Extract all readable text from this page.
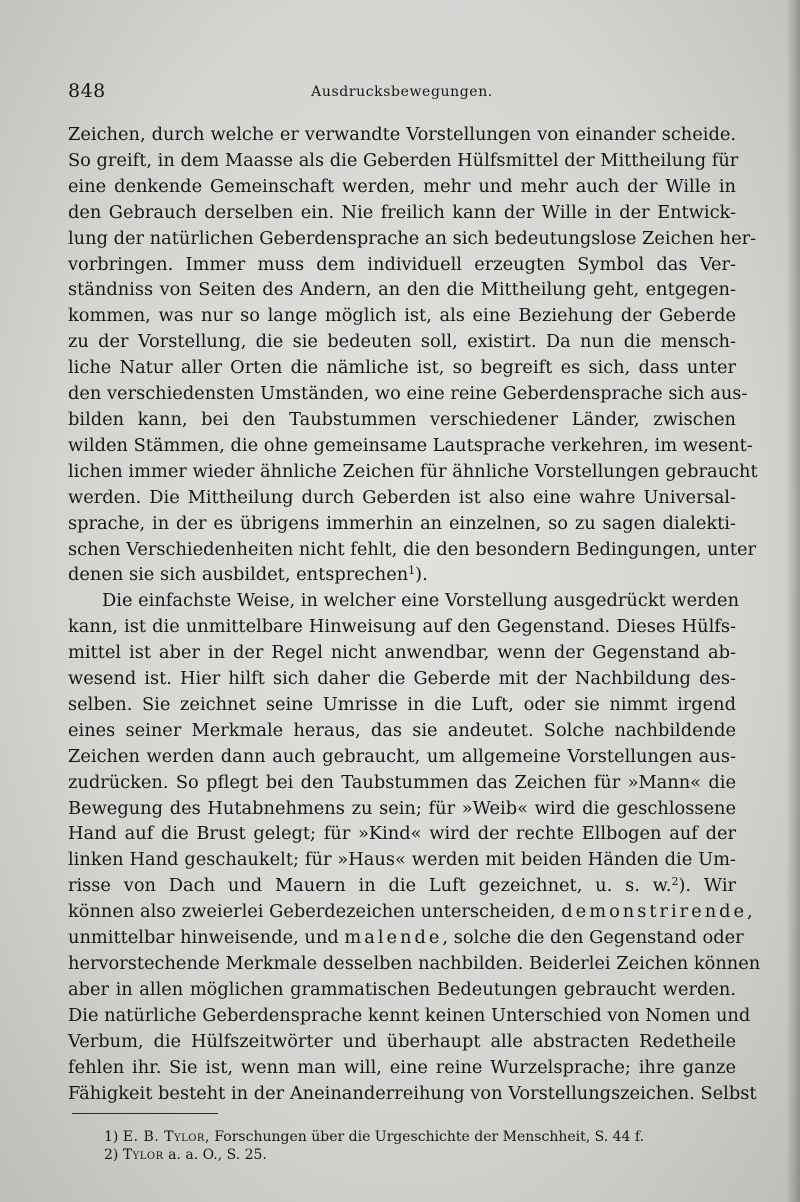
848	Ausdrucksbewegungen.
Zeichen, durch welche er verwandte Vorstellungen von einander scheide.
So greift, in dem Maasse als die Geberden Hülfsmittel der Mittheilung für
eine denkende Gemeinschaft werden, mehr und mehr auch der Wille in
den Gebrauch derselben ein. Nie freilich kann der Wille in der Entwick-
lung der natürlichen Geberdensprache an sich bedeutungslose Zeichen her-
vorbringen. Immer muss dem individuell erzeugten Symbol das Ver-
ständniss von Seiten des Andern, an den die Mittheilung geht, entgegen-
kommen, was nur so lange möglich ist, als eine Beziehung der Geberde
zu der Vorstellung, die sie bedeuten soll, existirt. Da nun die mensch-
liche Natur aller Orten die nämliche ist, so begreift es sich, dass unter
den verschiedensten Umständen, wo eine reine Geberdensprache sich aus-
bilden kann, bei den Taubstummen verschiedener Länder, zwischen
wilden Stämmen, die ohne gemeinsame Lautsprache verkehren, im wesent-
lichen immer wieder ähnliche Zeichen für ähnliche Vorstellungen gebraucht
werden. Die Mittheilung durch Geberden ist also eine wahre Universal-
sprache, in der es übrigens immerhin an einzelnen, so zu sagen dialekti-
schen Verschiedenheiten nicht fehlt, die den besondern Bedingungen, unter
denen sie sich ausbildet, entsprechen$^1$).
Die einfachste Weise, in welcher eine Vorstellung ausgedrückt werden
kann, ist die unmittelbare Hinweisung auf den Gegenstand. Dieses Hülfs-
mittel ist aber in der Regel nicht anwendbar, wenn der Gegenstand ab-
wesend ist. Hier hilft sich daher die Geberde mit der Nachbildung des-
selben. Sie zeichnet seine Umrisse in die Luft, oder sie nimmt irgend
eines seiner Merkmale heraus, das sie andeutet. Solche nachbildende
Zeichen werden dann auch gebraucht, um allgemeine Vorstellungen aus-
zudrücken. So pflegt bei den Taubstummen das Zeichen für »Mann« die
Bewegung des Hutabnehmens zu sein; für »Weib« wird die geschlossene
Hand auf die Brust gelegt; für »Kind« wird der rechte Ellbogen auf der
linken Hand geschaukelt; für »Haus« werden mit beiden Händen die Um-
risse von Dach und Mauern in die Luft gezeichnet, u. s. w.$^2$). Wir
können also zweierlei Geberdezeichen unterscheiden, demonstrirende,
unmittelbar hinweisende, und malende, solche die den Gegenstand oder
hervorstechende Merkmale desselben nachbilden. Beiderlei Zeichen können
aber in allen möglichen grammatischen Bedeutungen gebraucht werden.
Die natürliche Geberdensprache kennt keinen Unterschied von Nomen und
Verbum, die Hülfszeitwörter und überhaupt alle abstracten Redetheile
fehlen ihr. Sie ist, wenn man will, eine reine Wurzelsprache; ihre ganze
Fähigkeit besteht in der Aneinanderreihung von Vorstellungszeichen. Selbst
1) E. B. Tylor, Forschungen über die Urgeschichte der Menschheit, S. 44 f.
2) Tylor a. a. O., S. 25.
